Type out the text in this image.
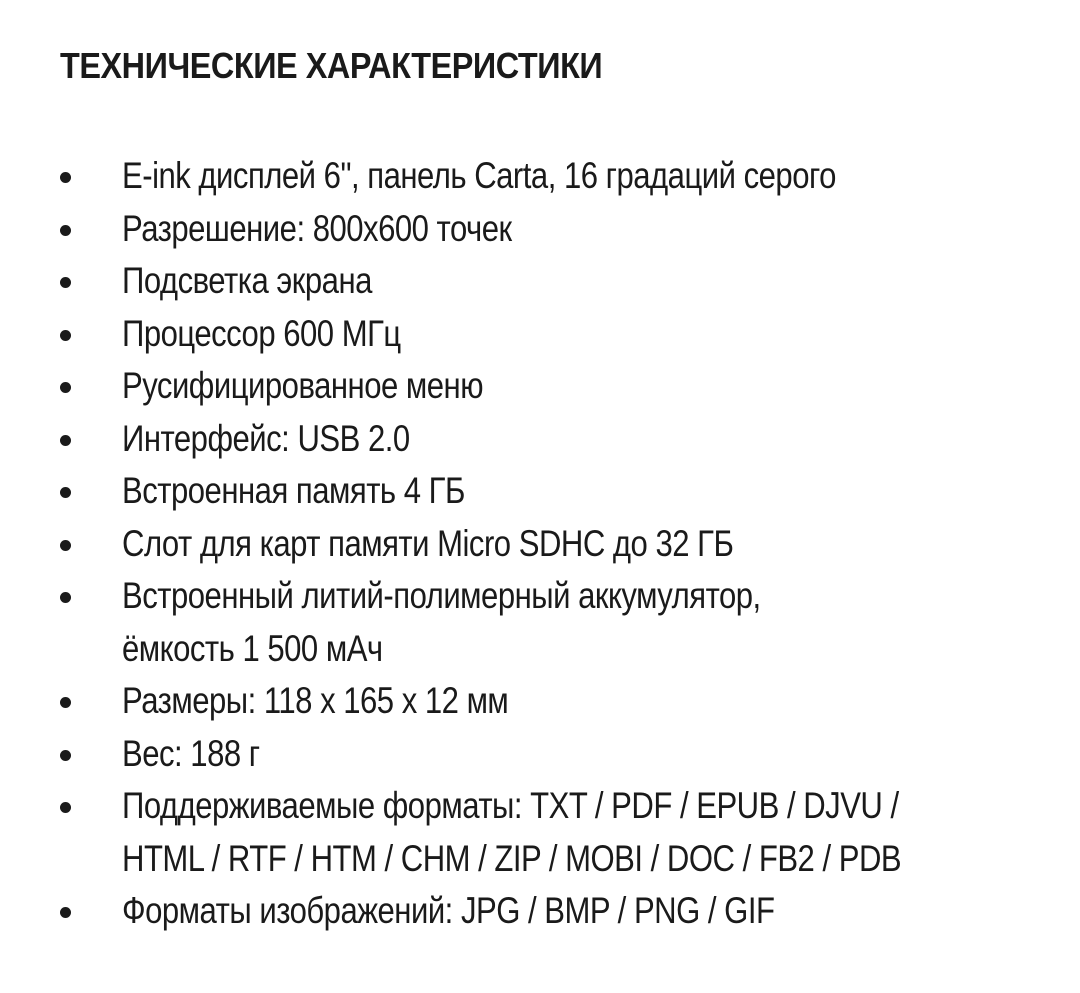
ТЕХНИЧЕСКИЕ ХАРАКТЕРИСТИКИ
E-ink дисплей 6", панель Carta, 16 градаций серого
Разрешение: 800x600 точек
Подсветка экрана
Процессор 600 МГц
Русифицированное меню
Интерфейс: USB 2.0
Встроенная память 4 ГБ
Слот для карт памяти Micro SDHC до 32 ГБ
Встроенный литий-полимерный аккумулятор,
ёмкость 1 500 мАч
Размеры: 118 x 165 x 12 мм
Вес: 188 г
Поддерживаемые форматы: TXT / PDF / EPUB / DJVU /
HTML / RTF / HTM / CHM / ZIP / MOBI / DOC / FB2 / PDB
Форматы изображений: JPG / BMP / PNG / GIF
